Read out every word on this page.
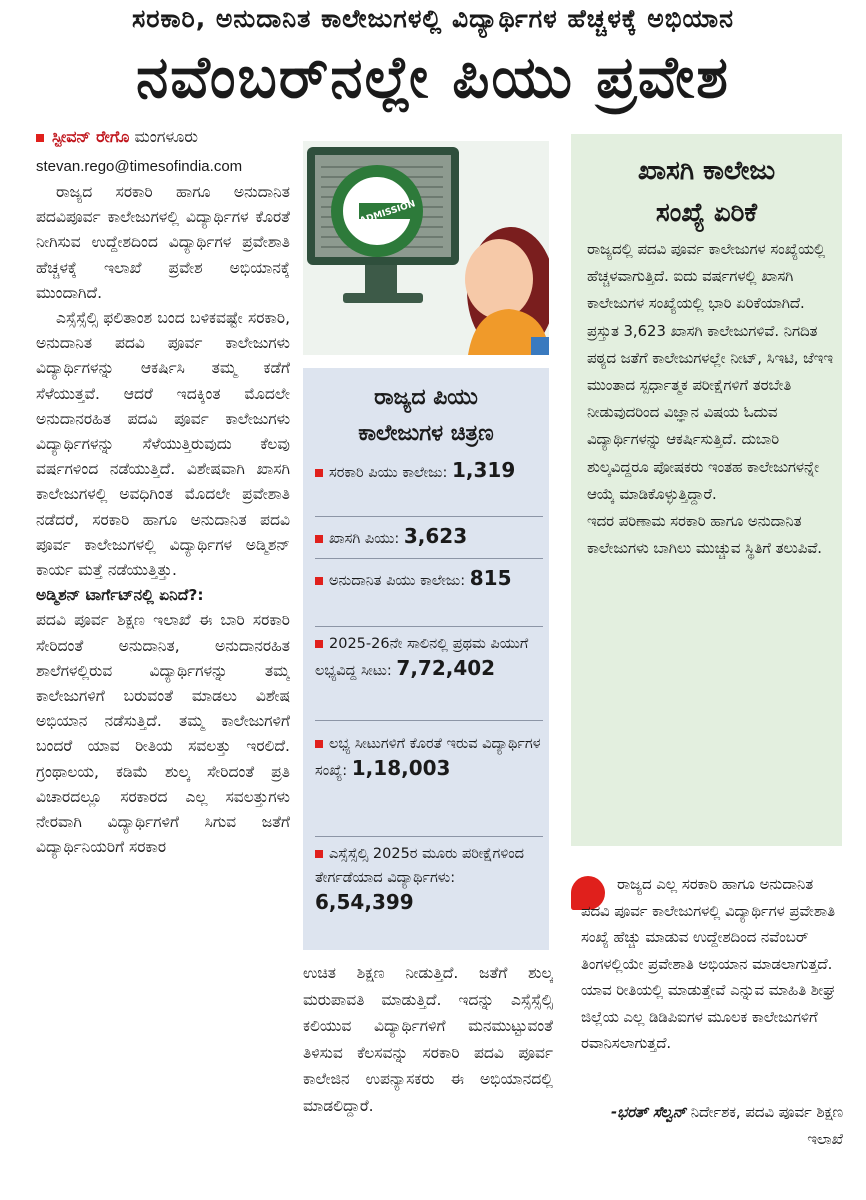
ಸರಕಾರಿ, ಅನುದಾನಿತ ಕಾಲೇಜುಗಳಲ್ಲಿ ವಿದ್ಯಾರ್ಥಿಗಳ ಹೆಚ್ಚಳಕ್ಕೆ ಅಭಿಯಾನ
ನವೆಂಬರ್‌ನಲ್ಲೇ ಪಿಯು ಪ್ರವೇಶ
ಸ್ಟೀವನ್ ರೇಗೊ ಮಂಗಳೂರು
stevan.rego@timesofindia.com

ರಾಜ್ಯದ ಸರಕಾರಿ ಹಾಗೂ ಅನುದಾನಿತ ಪದವಿಪೂರ್ವ ಕಾಲೇಜುಗಳಲ್ಲಿ ವಿದ್ಯಾರ್ಥಿಗಳ ಕೊರತೆ ನೀಗಿಸುವ ಉದ್ದೇಶದಿಂದ ವಿದ್ಯಾರ್ಥಿಗಳ ಪ್ರವೇಶಾತಿ ಹೆಚ್ಚಳಕ್ಕೆ ಇಲಾಖೆ ಪ್ರವೇಶ ಅಭಿಯಾನಕ್ಕೆ ಮುಂದಾಗಿದೆ.

ಎಸ್ಸೆಸ್ಸೆಲ್ಸಿ ಫಲಿತಾಂಶ ಬಂದ ಬಳಿಕವಷ್ಟೇ ಸರಕಾರಿ, ಅನುದಾನಿತ ಪದವಿ ಪೂರ್ವ ಕಾಲೇಜುಗಳು ವಿದ್ಯಾರ್ಥಿಗಳನ್ನು ಆಕರ್ಷಿಸಿ ತಮ್ಮ ಕಡೆಗೆ ಸೆಳೆಯುತ್ತವೆ. ಆದರೆ ಇದಕ್ಕಿಂತ ಮೊದಲೇ ಅನುದಾನರಹಿತ ಪದವಿ ಪೂರ್ವ ಕಾಲೇಜುಗಳು ವಿದ್ಯಾರ್ಥಿಗಳನ್ನು ಸೆಳೆಯುತ್ತಿರುವುದು ಕೆಲವು ವರ್ಷಗಳಿಂದ ನಡೆಯುತ್ತಿದೆ. ವಿಶೇಷವಾಗಿ ಖಾಸಗಿ ಕಾಲೇಜುಗಳಲ್ಲಿ ಅವಧಿಗಿಂತ ಮೊದಲೇ ಪ್ರವೇಶಾತಿ ನಡೆದರೆ, ಸರಕಾರಿ ಹಾಗೂ ಅನುದಾನಿತ ಪದವಿ ಪೂರ್ವ ಕಾಲೇಜುಗಳಲ್ಲಿ ವಿದ್ಯಾರ್ಥಿಗಳ ಅಡ್ಮಿಶನ್ ಕಾರ್ಯ ಮತ್ತೆ ನಡೆಯುತ್ತಿತ್ತು.

ಅಡ್ಮಿಶನ್ ಟಾರ್ಗೆಟ್‌ನಲ್ಲಿ ಏನಿದೆ?:

ಪದವಿ ಪೂರ್ವ ಶಿಕ್ಷಣ ಇಲಾಖೆ ಈ ಬಾರಿ ಸರಕಾರಿ ಸೇರಿದಂತೆ ಅನುದಾನಿತ, ಅನುದಾನರಹಿತ ಶಾಲೆಗಳಲ್ಲಿರುವ ವಿದ್ಯಾರ್ಥಿಗಳನ್ನು ತಮ್ಮ ಕಾಲೇಜುಗಳಿಗೆ ಬರುವಂತೆ ಮಾಡಲು ವಿಶೇಷ ಅಭಿಯಾನ ನಡೆಸುತ್ತಿದೆ. ತಮ್ಮ ಕಾಲೇಜುಗಳಿಗೆ ಬಂದರೆ ಯಾವ ರೀತಿಯ ಸವಲತ್ತು ಇರಲಿದೆ. ಗ್ರಂಥಾಲಯ, ಕಡಿಮೆ ಶುಲ್ಕ ಸೇರಿದಂತೆ ಪ್ರತಿ ವಿಚಾರದಲ್ಲೂ ಸರಕಾರದ ಎಲ್ಲ ಸವಲತ್ತುಗಳು ನೇರವಾಗಿ ವಿದ್ಯಾರ್ಥಿಗಳಿಗೆ ಸಿಗುವ ಜತೆಗೆ ವಿದ್ಯಾರ್ಥಿನಿಯರಿಗೆ ಸರಕಾರ

ADMISSION
ರಾಜ್ಯದ ಪಿಯು
ಕಾಲೇಜುಗಳ ಚಿತ್ರಣ
ಸರಕಾರಿ ಪಿಯು ಕಾಲೇಜು: 1,319
ಖಾಸಗಿ ಪಿಯು: 3,623
ಅನುದಾನಿತ ಪಿಯು ಕಾಲೇಜು: 815
2025-26ನೇ ಸಾಲಿನಲ್ಲಿ ಪ್ರಥಮ ಪಿಯುಗೆ ಲಭ್ಯವಿದ್ದ ಸೀಟು: 7,72,402
ಲಭ್ಯ ಸೀಟುಗಳಿಗೆ ಕೊರತೆ ಇರುವ ವಿದ್ಯಾರ್ಥಿಗಳ ಸಂಖ್ಯೆ: 1,18,003
ಎಸ್ಸೆಸ್ಸೆಲ್ಸಿ 2025ರ ಮೂರು ಪರೀಕ್ಷೆಗಳಿಂದ ತೇರ್ಗಡೆಯಾದ ವಿದ್ಯಾರ್ಥಿಗಳು: 6,54,399

ಉಚಿತ ಶಿಕ್ಷಣ ನೀಡುತ್ತಿದೆ. ಜತೆಗೆ ಶುಲ್ಕ ಮರುಪಾವತಿ ಮಾಡುತ್ತಿದೆ. ಇದನ್ನು ಎಸ್ಸೆಸ್ಸೆಲ್ಸಿ ಕಲಿಯುವ ವಿದ್ಯಾರ್ಥಿಗಳಿಗೆ ಮನಮುಟ್ಟುವಂತೆ ತಿಳಿಸುವ ಕೆಲಸವನ್ನು ಸರಕಾರಿ ಪದವಿ ಪೂರ್ವ ಕಾಲೇಜಿನ ಉಪನ್ಯಾಸಕರು ಈ ಅಭಿಯಾನದಲ್ಲಿ ಮಾಡಲಿದ್ದಾರೆ.

ಖಾಸಗಿ ಕಾಲೇಜು
ಸಂಖ್ಯೆ ಏರಿಕೆ

ರಾಜ್ಯದಲ್ಲಿ ಪದವಿ ಪೂರ್ವ ಕಾಲೇಜುಗಳ ಸಂಖ್ಯೆಯಲ್ಲಿ ಹೆಚ್ಚಳವಾಗುತ್ತಿದೆ. ಐದು ವರ್ಷಗಳಲ್ಲಿ ಖಾಸಗಿ ಕಾಲೇಜುಗಳ ಸಂಖ್ಯೆಯಲ್ಲಿ ಭಾರಿ ಏರಿಕೆಯಾಗಿದೆ. ಪ್ರಸ್ತುತ 3,623 ಖಾಸಗಿ ಕಾಲೇಜುಗಳಿವೆ. ನಿಗದಿತ ಪಠ್ಯದ ಜತೆಗೆ ಕಾಲೇಜುಗಳಲ್ಲೇ ನೀಟ್, ಸಿಇಟಿ, ಜೆಇಇ ಮುಂತಾದ ಸ್ಪರ್ಧಾತ್ಮಕ ಪರೀಕ್ಷೆಗಳಿಗೆ ತರಬೇತಿ ನೀಡುವುದರಿಂದ ವಿಜ್ಞಾನ ವಿಷಯ ಓದುವ ವಿದ್ಯಾರ್ಥಿಗಳನ್ನು ಆಕರ್ಷಿಸುತ್ತಿದೆ. ದುಬಾರಿ ಶುಲ್ಕವಿದ್ದರೂ ಪೋಷಕರು ಇಂತಹ ಕಾಲೇಜುಗಳನ್ನೇ ಆಯ್ಕೆ ಮಾಡಿಕೊಳ್ಳುತ್ತಿದ್ದಾರೆ.

ಇದರ ಪರಿಣಾಮ ಸರಕಾರಿ ಹಾಗೂ ಅನುದಾನಿತ ಕಾಲೇಜುಗಳು ಬಾಗಿಲು ಮುಚ್ಚುವ ಸ್ಥಿತಿಗೆ ತಲುಪಿವೆ.

ರಾಜ್ಯದ ಎಲ್ಲ ಸರಕಾರಿ ಹಾಗೂ ಅನುದಾನಿತ ಪದವಿ ಪೂರ್ವ ಕಾಲೇಜುಗಳಲ್ಲಿ ವಿದ್ಯಾರ್ಥಿಗಳ ಪ್ರವೇಶಾತಿ ಸಂಖ್ಯೆ ಹೆಚ್ಚು ಮಾಡುವ ಉದ್ದೇಶದಿಂದ ನವೆಂಬರ್ ತಿಂಗಳಲ್ಲಿಯೇ ಪ್ರವೇಶಾತಿ ಅಭಿಯಾನ ಮಾಡಲಾಗುತ್ತದೆ. ಯಾವ ರೀತಿಯಲ್ಲಿ ಮಾಡುತ್ತೇವೆ ಎನ್ನುವ ಮಾಹಿತಿ ಶೀಘ್ರ ಜಿಲ್ಲೆಯ ಎಲ್ಲ ಡಿಡಿಪಿಐಗಳ ಮೂಲಕ ಕಾಲೇಜುಗಳಿಗೆ ರವಾನಿಸಲಾಗುತ್ತದೆ.
-ಭರತ್ ಸೆಲ್ವನ್ ನಿರ್ದೇಶಕ, ಪದವಿ ಪೂರ್ವ ಶಿಕ್ಷಣ ಇಲಾಖೆ
